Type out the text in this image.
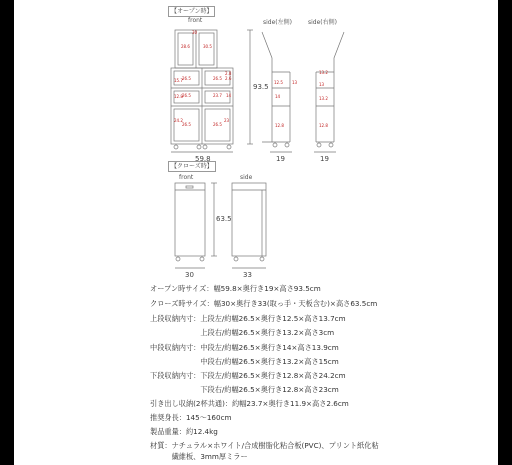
【オープン時】
【クローズ時】
front	side(左側)	side(右側)
front	side
30
28.6	30.5
15.7 26.5	26.5
2.8
2.6
12.8 26.5	23.7 14
26.5	26.5
24.2	23
12.5 13
14
12.8
13.2
13
13.2
12.8
93.5
59.8	19	19
63.5
30	33
オープン時サイズ：幅59.8×奥行き19×高さ93.5cm
クローズ時サイズ：幅30×奥行き33(取っ手・天板含む)×高さ63.5cm
上段収納内寸：上段左/約幅26.5×奥行き12.5×高さ13.7cm
　　　　　　　上段右/約幅26.5×奥行き13.2×高さ3cm
中段収納内寸：中段左/約幅26.5×奥行き14×高さ13.9cm
　　　　　　　中段右/約幅26.5×奥行き13.2×高さ15cm
下段収納内寸：下段左/約幅26.5×奥行き12.8×高さ24.2cm
　　　　　　　下段右/約幅26.5×奥行き12.8×高さ23cm
引き出し収納(2杯共通)：約幅23.7×奥行き11.9×高さ2.6cm
推奨身長：145〜160cm
製品重量：約12.4kg
材質：ナチュラル×ホワイト/合成樹脂化粘合板(PVC)、プリント紙化粘
　　　繊維板、3mm厚ミラー
